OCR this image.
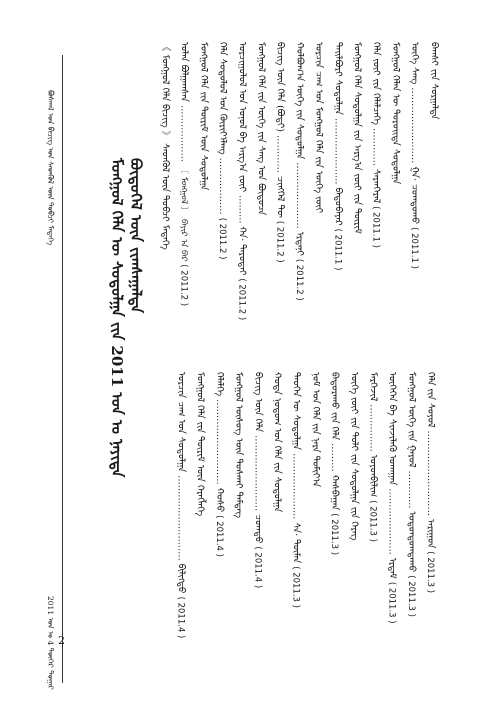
ᠪᠣᠰᠬᠠᠯ ᠤᠨ ᠪᠢᠴᠢᠭ ᠤᠨ ᠰᠡᠳᠬᠦᠯ ᠦᠨ ᠲᠣᠪᠴᠢ ᠮᠡᠳᠡᠭᠡ
2011 ᠣᠨ ᠤ 4 ᠳᠦᠭᠡᠷ ᠳᠤᠭᠠᠷ 2
ᠮᠣᠩᠭᠣᠯ ᠬᠡᠯᠡ ᠦ ᠰᠣᠳᠤᠯᠭᠠ ᠶ᠋ᠢᠨ 2011 ᠣᠨ ᠤ ᠨᠡᠶᠢᠲᠡ ᠪᠦᠲᠦᠭᠡᠯ ᠦᠨ ᠵᠢᠭᠰᠠᠭᠠᠯᠲᠠ	《 ᠮᠣᠩᠭᠣᠯ ᠬᠡᠯᠡ ᠪᠢᠴᠢᠭ 》 ᠰᠡᠳᠬᠦᠯ ᠦᠨ ᠲᠣᠪᠴᠢ ᠮᠡᠳᠡᠭᠡ ᠣᠯᠠᠨ ᠪᠣᠯᠭᠠᠭᠰᠠᠨ ……………… 〔 ᠮᠣᠩᠭᠣᠯ 〕 ᠪᠠᠶᠢᠷ ᠠ ᠪᠠᠷ ( 2011.2 )
ᠮᠣᠩᠭᠣᠯ ᠬᠡᠯᠡ ᠶ᠋ᠢᠨ ᠳᠦᠷᠢᠮ ᠦᠨ ᠰᠣᠳᠤᠯᠭᠠ ᠬᠡᠯᠡ ᠰᠣᠳᠤᠯᠤᠯ ᠤᠨ ᠬᠦᠷᠢᠶ᠎ᠡᠯᠡᠩ ……………… ( 2011.2 )
ᠣᠷᠴᠢᠭᠤᠯᠤᠯ ᠤᠨ ᠣᠨᠤᠯ ᠪᠠ ᠠᠷᠭ᠎ᠠ ᠵᠦᠢ ……… ᠬᠠ· ᠳᠠᠷᠤᠳᠠᠢ ( 2011.2 )
ᠮᠣᠩᠭᠣᠯ ᠬᠡᠯᠡ ᠶ᠋ᠢᠨ ᠦᠭᠡ ᠶ᠋ᠢᠨ ᠰᠠᠩ ᠤᠨ ᠪᠦᠲᠦᠴᠡ ᠪᠢᠴᠢᠭ ᠦᠨ ᠬᠡᠯᠡ (ᠪᠣᠳᠢ) ………… ᠴᠢᠩᠭᠡᠯ ᠲᠦ ( 2011.2 )
ᠬᠣᠯᠪᠣᠭ᠎ᠠ ᠦᠭᠡ ᠶ᠋ᠢᠨ ᠰᠣᠳᠤᠯᠭᠠ ………………… ᠡᠷᠳᠡᠨᠢ ( 2011.2 )
ᠣᠷᠴᠢᠨ ᠴᠠᠭ ᠤᠨ ᠮᠣᠩᠭᠣᠯ ᠬᠡᠯᠡ ᠶ᠋ᠢᠨ ᠦᠭᠡ ᠵᠦᠢ ᠲᠡᠢᠯᠪᠤᠷᠢ ᠰᠣᠳᠤᠯᠭᠠ ………………… ᠪᠠᠲᠤᠪᠠᠶᠠᠷ ( 2011.1 )
ᠮᠣᠩᠭᠣᠯ ᠬᠡᠯᠡ ᠰᠣᠳᠤᠯᠭᠠ ᠶ᠋ᠢᠨ ᠠᠷᠭ᠎ᠠ ᠵᠦᠢ ᠶ᠋ᠢᠨ ᠳᠦᠷᠢᠮ ᠬᠡᠯᠡ ᠵᠦᠢ ᠶ᠋ᠢᠨ ᠬᠡᠯᠡᠯᠴᠡᠭᠡ ………… ᠰᠠᠷᠠᠨᠭᠡᠷᠡᠯ ( 2011.1 )
ᠮᠣᠩᠭᠣᠯ ᠬᠡᠯᠡᠨ ᠦ ᠳᠣᠷᠤᠢᠳᠠ ᠰᠣᠳᠤᠯᠭᠠ ᠦᠭᠡ ᠰᠠᠩ …………………… ᠭᠠ· ᠴᠣᠭᠲᠤᠬᠤ ( 2011.1 )
ᠪᠠᠭᠰᠢ ᠶ᠋ᠢᠨ ᠰᠤᠷᠭᠠᠯᠲᠠ
ᠣᠷᠴᠢᠨ ᠴᠠᠭ ᠤᠨ ᠰᠣᠳᠤᠯᠭᠠ ……………………… ᠪᠢᠯᠢᠭᠲᠦ ( 2011.4 )
ᠮᠣᠩᠭᠣᠯ ᠬᠡᠯᠡ ᠶ᠋ᠢᠨ ᠳᠦᠷᠢᠮ ᠦᠨ ᠬᠡᠷᠡᠭᠯᠡᠭᠡ ᠬᠡᠯᠡᠯᠭᠡ ……………………… ᠬᠤᠰᠤ ( 2011.4 )
ᠮᠣᠩᠭᠣᠯ ᠦᠰᠦᠭ ᠦᠨ ᠲᠤᠰᠬᠠᠢ ᠲᠡᠮᠳᠡᠭ ᠪᠢᠴᠢᠭ ᠦᠨ ᠬᠡᠯᠡ …………………… ᠴᠣᠭᠲᠤ ( 2011.4 )
ᠬᠣᠳᠠ ᠨᠤᠲᠤᠭ ᠤᠨ ᠬᠡᠯᠡ ᠶ᠋ᠢᠨ ᠰᠣᠳᠤᠯᠭᠠ ᠲᠡᠦᠬᠡᠨ ᠦ ᠰᠣᠳᠤᠯᠭᠠ ………………… ᠰᠠ· ᠲᠦᠮᠡᠨ ( 2011.3 )
ᠨᠣᠮ ᠤᠨ ᠬᠡᠯᠡ ᠶ᠋ᠢᠨ ᠨᠡᠷᠡ ᠲᠣᠮᠢᠶ᠎ᠠ ᠪᠠᠳᠤᠷᠠᠬᠤ ᠶ᠋ᠢᠨ ᠬᠡᠯᠡ ……… ᠬᠠᠰᠪᠠᠭᠠᠨ ( 2011.3 ) ᠦᠭᠡ ᠵᠦᠢ ᠶ᠋ᠢᠨ ᠲᠣᠯᠢ ᠶ᠋ᠢᠨ ᠰᠣᠳᠤᠯᠭᠠ ᠶ᠋ᠢᠨ ᠬᠡᠷᠡᠭ ᠮᠡᠷᠭᠡᠵᠢᠯ …………… ᠣᠶᠤᠨᠪᠢᠯᠢᠭ ( 2011.3 )
ᠦᠬᠡᠬᠡᠨ ᠪᠠ ᠰᠢᠨᠵᠢᠯᠡᠬᠦ ᠤᠬᠠᠭᠠᠨ ………………… ᠡᠷᠳᠡᠮ ( 2011.3 )
ᠮᠣᠩᠭᠣᠯ ᠦᠭᠡ ᠶ᠋ᠢᠨ ᠭᠠᠷᠤᠯ ………… ᠣᠳᠣᠨᠲᠣᠭᠲᠠᠬᠤ ( 2011.3 )
ᠬᠡᠯᠡ ᠶ᠋ᠢᠨ ᠰᠣᠶᠣᠯ ……………………… ᠠᠷᠢᠭᠤᠨ ( 2011.3 )
